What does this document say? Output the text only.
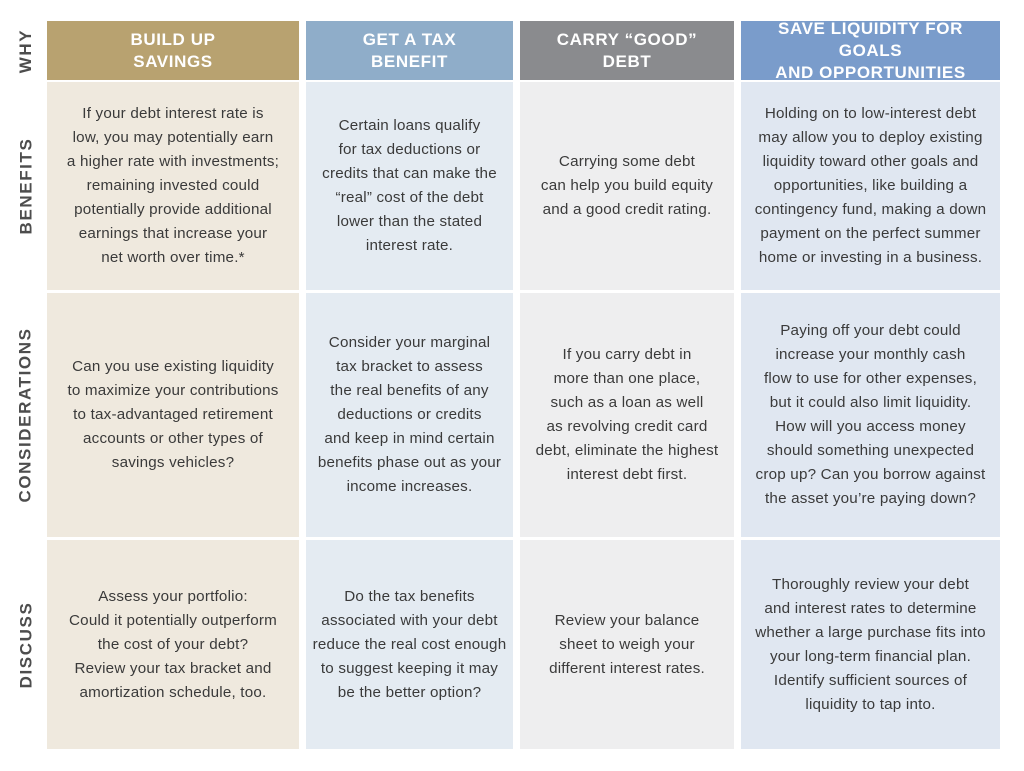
WHY
BENEFITS
CONSIDERATIONS
DISCUSS
BUILD UP
SAVINGS
If your debt interest rate is
low, you may potentially earn
a higher rate with investments;
remaining invested could
potentially provide additional
earnings that increase your
net worth over time.*
Can you use existing liquidity
to maximize your contributions
to tax-advantaged retirement
accounts or other types of
savings vehicles?
Assess your portfolio:
Could it potentially outperform
the cost of your debt?
Review your tax bracket and
amortization schedule, too.
GET A TAX
BENEFIT
Certain loans qualify
for tax deductions or
credits that can make the
“real” cost of the debt
lower than the stated
interest rate.
Consider your marginal
tax bracket to assess
the real benefits of any
deductions or credits
and keep in mind certain
benefits phase out as your
income increases.
Do the tax benefits
associated with your debt
reduce the real cost enough
to suggest keeping it may
be the better option?
CARRY “GOOD”
DEBT
Carrying some debt
can help you build equity
and a good credit rating.
If you carry debt in
more than one place,
such as a loan as well
as revolving credit card
debt, eliminate the highest
interest debt first.
Review your balance
sheet to weigh your
different interest rates.
SAVE LIQUIDITY FOR GOALS
AND OPPORTUNITIES
Holding on to low-interest debt
may allow you to deploy existing
liquidity toward other goals and
opportunities, like building a
contingency fund, making a down
payment on the perfect summer
home or investing in a business.
Paying off your debt could
increase your monthly cash
flow to use for other expenses,
but it could also limit liquidity.
How will you access money
should something unexpected
crop up? Can you borrow against
the asset you’re paying down?
Thoroughly review your debt
and interest rates to determine
whether a large purchase fits into
your long-term financial plan.
Identify sufficient sources of
liquidity to tap into.
